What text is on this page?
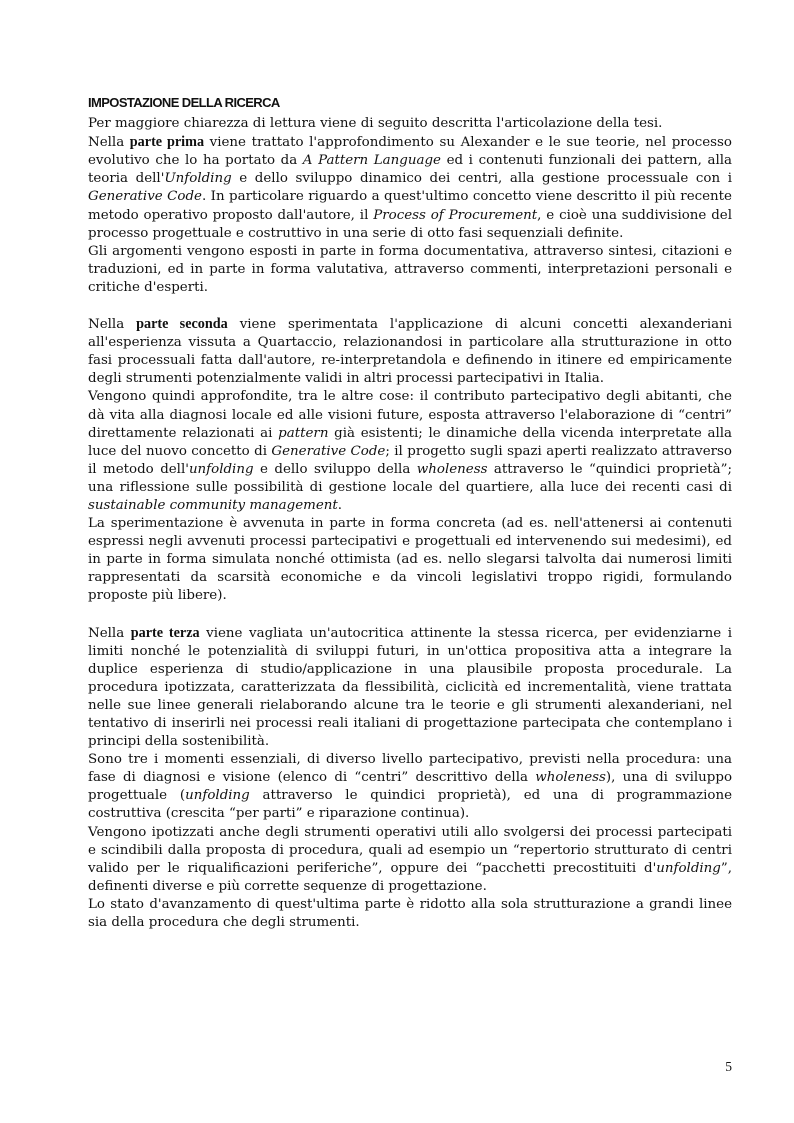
IMPOSTAZIONE DELLA RICERCA

Per maggiore chiarezza di lettura viene di seguito descritta l'articolazione della tesi.

Nella parte prima viene trattato l'approfondimento su Alexander e le sue teorie, nel processo evolutivo che lo ha portato da A Pattern Language ed i contenuti funzionali dei pattern, alla teoria dell'Unfolding e dello sviluppo dinamico dei centri, alla gestione processuale con i Generative Code. In particolare riguardo a quest'ultimo concetto viene descritto il più recente metodo operativo proposto dall'autore, il Process of Procurement, e cioè una suddivisione del processo progettuale e costruttivo in una serie di otto fasi sequenziali definite.

Gli argomenti vengono esposti in parte in forma documentativa, attraverso sintesi, citazioni e traduzioni, ed in parte in forma valutativa, attraverso commenti, interpretazioni personali e critiche d'esperti.

Nella parte seconda viene sperimentata l'applicazione di alcuni concetti alexanderiani all'esperienza vissuta a Quartaccio, relazionandosi in particolare alla strutturazione in otto fasi processuali fatta dall'autore, re-interpretandola e definendo in itinere ed empiricamente degli strumenti potenzialmente validi in altri processi partecipativi in Italia.

Vengono quindi approfondite, tra le altre cose: il contributo partecipativo degli abitanti, che dà vita alla diagnosi locale ed alle visioni future, esposta attraverso l'elaborazione di “centri” direttamente relazionati ai pattern già esistenti; le dinamiche della vicenda interpretate alla luce del nuovo concetto di Generative Code; il progetto sugli spazi aperti realizzato attraverso il metodo dell'unfolding e dello sviluppo della wholeness attraverso le “quindici proprietà”; una riflessione sulle possibilità di gestione locale del quartiere, alla luce dei recenti casi di sustainable community management.

La sperimentazione è avvenuta in parte in forma concreta (ad es. nell'attenersi ai contenuti espressi negli avvenuti processi partecipativi e progettuali ed intervenendo sui medesimi), ed in parte in forma simulata nonché ottimista (ad es. nello slegarsi talvolta dai numerosi limiti rappresentati da scarsità economiche e da vincoli legislativi troppo rigidi, formulando proposte più libere).

Nella parte terza viene vagliata un'autocritica attinente la stessa ricerca, per evidenziarne i limiti nonché le potenzialità di sviluppi futuri, in un'ottica propositiva atta a integrare la duplice esperienza di studio/applicazione in una plausibile proposta procedurale. La procedura ipotizzata, caratterizzata da flessibilità, ciclicità ed incrementalità, viene trattata nelle sue linee generali rielaborando alcune tra le teorie e gli strumenti alexanderiani, nel tentativo di inserirli nei processi reali italiani di progettazione partecipata che contemplano i principi della sostenibilità.

Sono tre i momenti essenziali, di diverso livello partecipativo, previsti nella procedura: una fase di diagnosi e visione (elenco di “centri” descrittivo della wholeness), una di sviluppo progettuale (unfolding attraverso le quindici proprietà), ed una di programmazione costruttiva (crescita “per parti” e riparazione continua).

Vengono ipotizzati anche degli strumenti operativi utili allo svolgersi dei processi partecipati e scindibili dalla proposta di procedura, quali ad esempio un “repertorio strutturato di centri valido per le riqualificazioni periferiche”, oppure dei “pacchetti precostituiti d'unfolding”, definenti diverse e più corrette sequenze di progettazione.

Lo stato d'avanzamento di quest'ultima parte è ridotto alla sola strutturazione a grandi linee sia della procedura che degli strumenti.

5
